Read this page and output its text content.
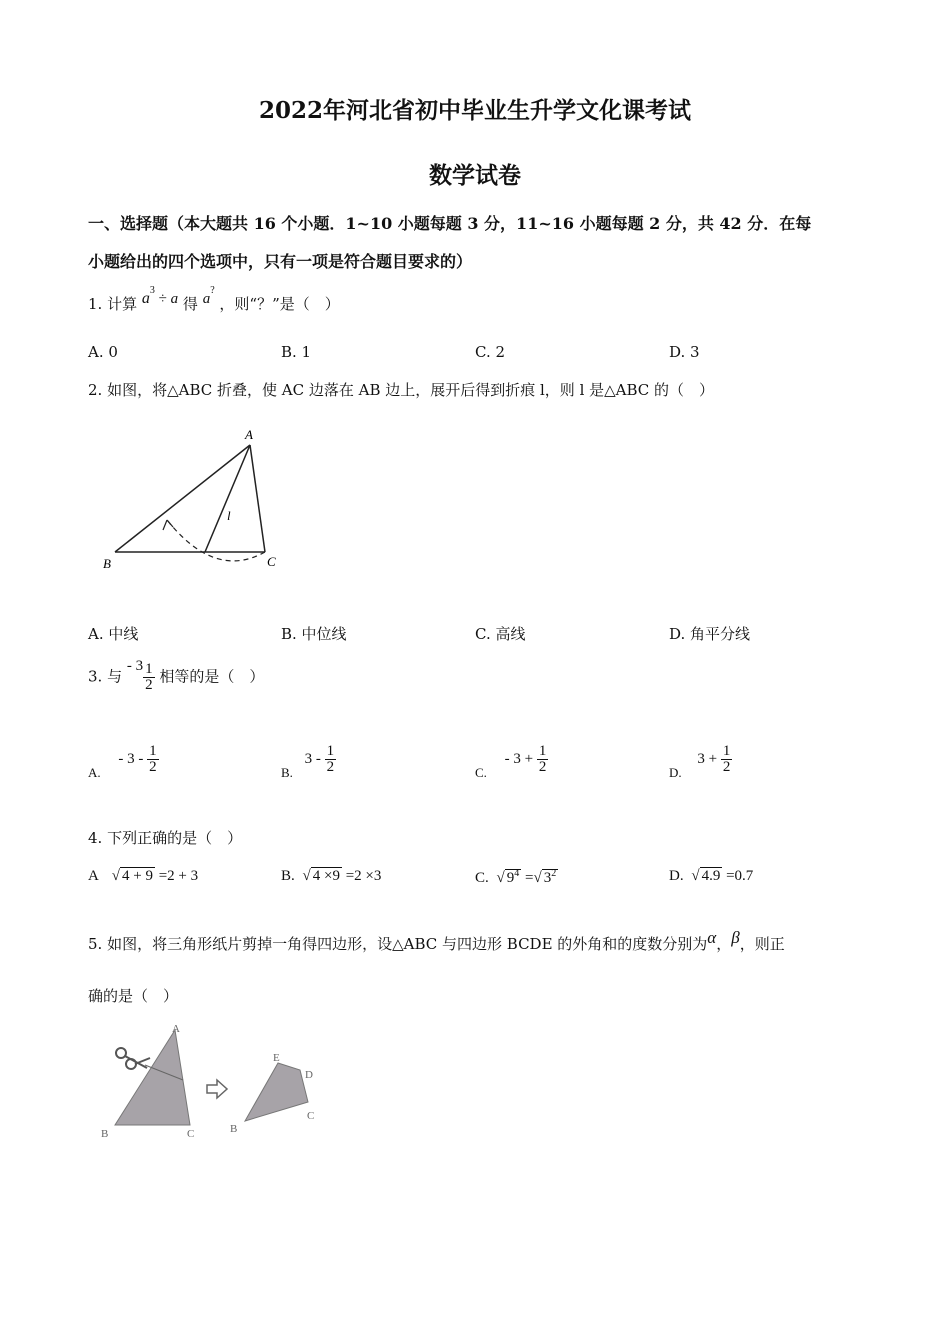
2022年河北省初中毕业生升学文化课考试
数学试卷
一、选择题（本大题共 16 个小题．1~10 小题每题 3 分，11~16 小题每题 2 分，共 42 分．在每
小题给出的四个选项中，只有一项是符合题目要求的）
1. 计算 $a^3 \div a$ 得 a? ，则“？”是（　）
A. 0	B. 1	C. 2	D. 3
2. 如图，将△ABC 折叠，使 AC 边落在 AB 边上，展开后得到折痕 l，则 l 是△ABC 的（　）
A
B	C
l
A. 中线	B. 中位线	C. 高线	D. 角平分线
3. 与 - $3 \frac{1}{2}$ 相等的是（　）
A. - $3 - \frac{1}{2}$	B. $3 - \frac{1}{2}$	C. - $3 + \frac{1}{2}$	D. $3 + \frac{1}{2}$
4. 下列正确的是（　）
A √ 4 + 9 =2 + 3	B. √ 4 ×9 =2 ×3	C. √ $9^4$ =√ $3^2$	D. √ 4.9 =0.7
5. 如图，将三角形纸片剪掉一角得四边形，设△ABC 与四边形 BCDE 的外角和的度数分别为α，β，则正
确的是（　）
A
B	C
E
D
C
B
